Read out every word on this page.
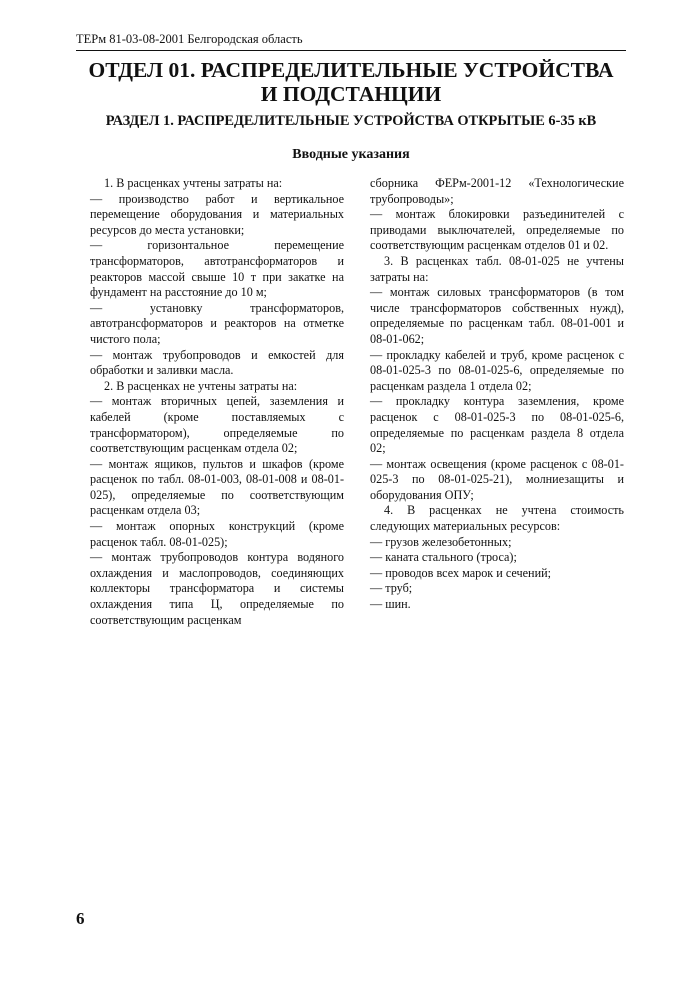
ТЕРм 81-03-08-2001 Белгородская область
ОТДЕЛ 01. РАСПРЕДЕЛИТЕЛЬНЫЕ УСТРОЙСТВА
И ПОДСТАНЦИИ
РАЗДЕЛ 1. РАСПРЕДЕЛИТЕЛЬНЫЕ УСТРОЙСТВА ОТКРЫТЫЕ 6-35 кВ
Вводные указания

1. В расценках учтены затраты на:

— производство работ и вертикальное перемещение оборудования и материальных ресурсов до места установки;

— горизонтальное перемещение трансформаторов, автотрансформаторов и реакторов массой свыше 10 т при закатке на фундамент на расстояние до 10 м;

— установку трансформаторов, автотрансформаторов и реакторов на отметке чистого пола;

— монтаж трубопроводов и емкостей для обработки и заливки масла.

2. В расценках не учтены затраты на:

— монтаж вторичных цепей, заземления и кабелей (кроме поставляемых с трансформатором), определяемые по соответствующим расценкам отдела 02;

— монтаж ящиков, пультов и шкафов (кроме расценок по табл. 08-01-003, 08-01-008 и 08-01-025), определяемые по соответствующим расценкам отдела 03;

— монтаж опорных конструкций (кроме расценок табл. 08-01-025);

— монтаж трубопроводов контура водяного охлаждения и маслопроводов, соединяющих коллекторы трансформатора и системы охлаждения типа Ц, определяемые по соответствующим расценкам

сборника ФЕРм-2001-12 «Технологические трубопроводы»;

— монтаж блокировки разъединителей с приводами выключателей, определяемые по соответствующим расценкам отделов 01 и 02.

3. В расценках табл. 08-01-025 не учтены затраты на:

— монтаж силовых трансформаторов (в том числе трансформаторов собственных нужд), определяемые по расценкам табл. 08-01-001 и 08-01-062;

— прокладку кабелей и труб, кроме расценок с 08-01-025-3 по 08-01-025-6, определяемые по расценкам раздела 1 отдела 02;

— прокладку контура заземления, кроме расценок с 08-01-025-3 по 08-01-025-6, определяемые по расценкам раздела 8 отдела 02;

— монтаж освещения (кроме расценок с 08-01-025-3 по 08-01-025-21), молниезащиты и оборудования ОПУ;

4. В расценках не учтена стоимость следующих материальных ресурсов:

— грузов железобетонных;

— каната стального (троса);

— проводов всех марок и сечений;

— труб;

— шин.

6
